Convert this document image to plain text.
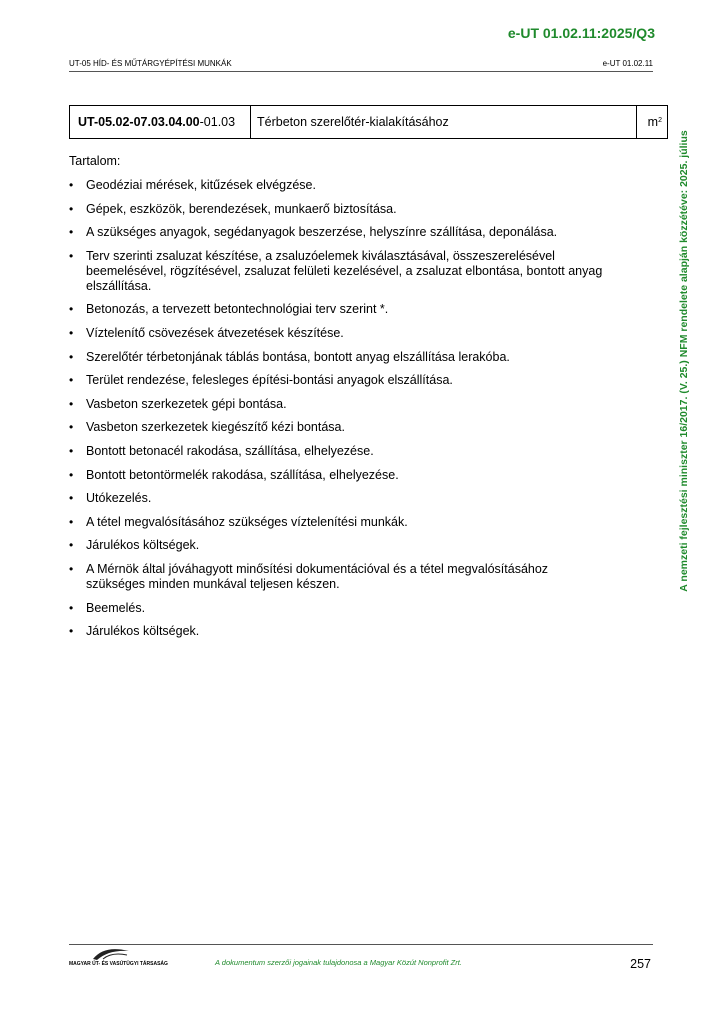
e-UT 01.02.11:2025/Q3
UT-05 HÍD- ÉS MŰTÁRGYÉPÍTÉSI MUNKÁK	e-UT 01.02.11
UT-05.02-07.03.04.00 -01.03	Térbeton szerelőtér-kialakításához	$m^2$
Tartalom:
• Geodéziai mérések, kitűzések elvégzése.
• Gépek, eszközök, berendezések, munkaerő biztosítása.
• A szükséges anyagok, segédanyagok beszerzése, helyszínre szállítása, deponálása.
• Terv szerinti zsaluzat készítése, a zsaluzóelemek kiválasztásával, összeszerelésével beemelésével, rögzítésével, zsaluzat felületi kezelésével, a zsaluzat elbontása, bontott anyag elszállítása.
• Betonozás, a tervezett betontechnológiai terv szerint *.
• Víztelenítő csövezések átvezetések készítése.
• Szerelőtér térbetonjának táblás bontása, bontott anyag elszállítása lerakóba.
• Terület rendezése, felesleges építési-bontási anyagok elszállítása.
• Vasbeton szerkezetek gépi bontása.
• Vasbeton szerkezetek kiegészítő kézi bontása.
• Bontott betonacél rakodása, szállítása, elhelyezése.
• Bontott betontörmelék rakodása, szállítása, elhelyezése.
• Utókezelés.
• A tétel megvalósításához szükséges víztelenítési munkák.
• Járulékos költségek.
• A Mérnök által jóváhagyott minősítési dokumentációval és a tétel megvalósításához szükséges minden munkával teljesen készen.
• Beemelés.
• Járulékos költségek.
A nemzeti fejlesztési miniszter 16/2017. (V. 25.) NFM rendelete alapján közzétéve: 2025. július
MAGYAR ÚT- ÉS VASÚTÜGYI TÁRSASÁG	A dokumentum szerzői jogainak tulajdonosa a Magyar Közút Nonprofit Zrt.	257
